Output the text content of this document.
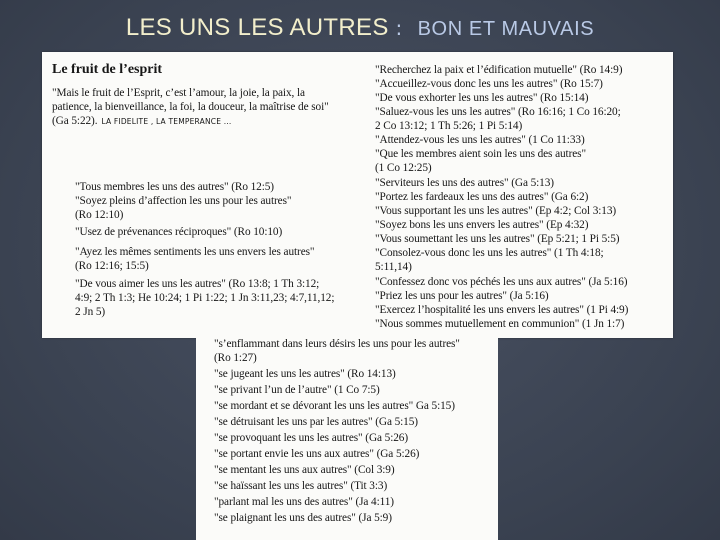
LES UNS LES AUTRES : BON ET MAUVAIS
Le fruit de l’esprit
"Mais le fruit de l’Esprit, c’est l’amour, la joie, la paix, la
patience, la bienveillance, la foi, la douceur, la maîtrise de soi"
(Ga 5:22). LA FIDELITE , LA TEMPERANCE ...
"Tous membres les uns des autres" (Ro 12:5)
"Soyez pleins d’affection les uns pour les autres"
(Ro 12:10)
"Usez de prévenances réciproques" (Ro 10:10)
"Ayez les mêmes sentiments les uns envers les autres"
(Ro 12:16; 15:5)
"De vous aimer les uns les autres" (Ro 13:8; 1 Th 3:12;
4:9; 2 Th 1:3; He 10:24; 1 Pi 1:22; 1 Jn 3:11,23; 4:7,11,12;
2 Jn 5)
"Recherchez la paix et l’édification mutuelle" (Ro 14:9)
"Accueillez-vous donc les uns les autres" (Ro 15:7)
"De vous exhorter les uns les autres" (Ro 15:14)
"Saluez-vous les uns les autres" (Ro 16:16; 1 Co 16:20;
2 Co 13:12; 1 Th 5:26; 1 Pi 5:14)
"Attendez-vous les uns les autres" (1 Co 11:33)
"Que les membres aient soin les uns des autres"
(1 Co 12:25)
"Serviteurs les uns des autres" (Ga 5:13)
"Portez les fardeaux les uns des autres" (Ga 6:2)
"Vous supportant les uns les autres" (Ep 4:2; Col 3:13)
"Soyez bons les uns envers les autres" (Ep 4:32)
"Vous soumettant les uns les autres" (Ep 5:21; 1 Pi 5:5)
"Consolez-vous donc les uns les autres" (1 Th 4:18;
5:11,14)
"Confessez donc vos péchés les uns aux autres" (Ja 5:16)
"Priez les uns pour les autres" (Ja 5:16)
"Exercez l’hospitalité les uns envers les autres" (1 Pi 4:9)
"Nous sommes mutuellement en communion" (1 Jn 1:7)
"s’enflammant dans leurs désirs les uns pour les autres"
(Ro 1:27)
"se jugeant les uns les autres" (Ro 14:13)
"se privant l’un de l’autre" (1 Co 7:5)
"se mordant et se dévorant les uns les autres" Ga 5:15)
"se détruisant les uns par les autres" (Ga 5:15)
"se provoquant les uns les autres" (Ga 5:26)
"se portant envie les uns aux autres" (Ga 5:26)
"se mentant les uns aux autres" (Col 3:9)
"se haïssant les uns les autres" (Tit 3:3)
"parlant mal les uns des autres" (Ja 4:11)
"se plaignant les uns des autres" (Ja 5:9)
